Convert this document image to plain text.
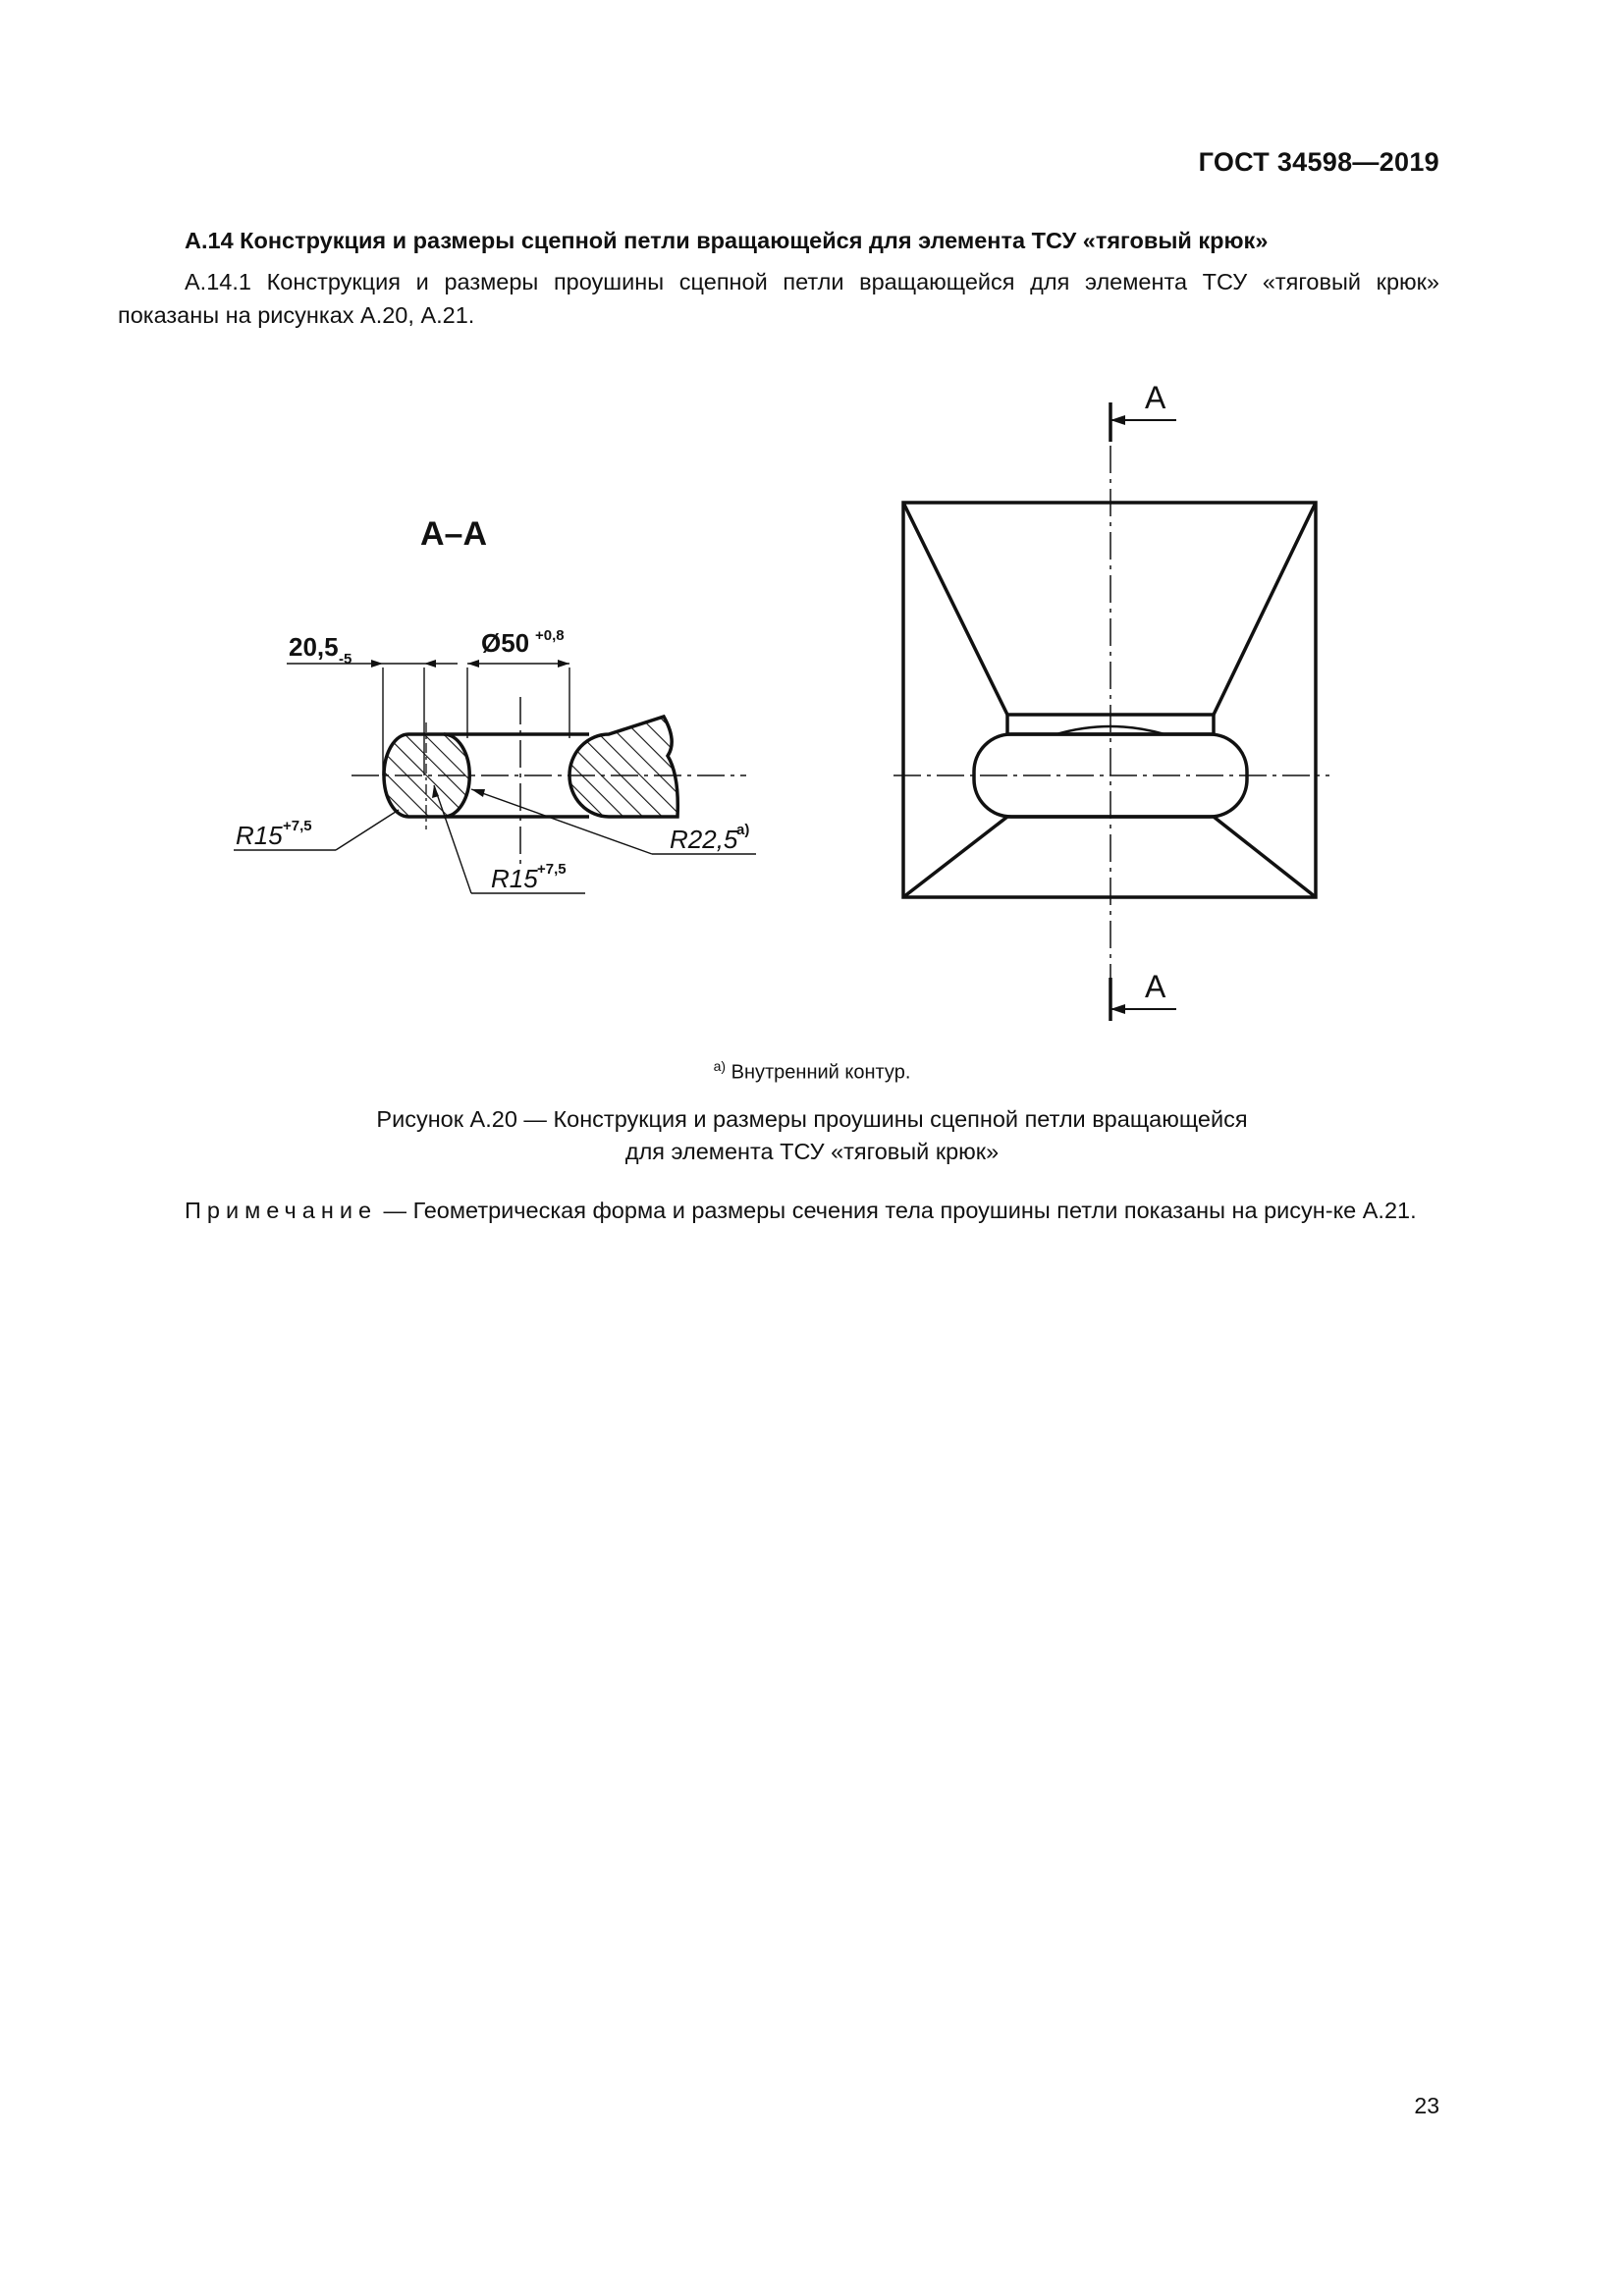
ГОСТ 34598—2019
А.14 Конструкция и размеры сцепной петли вращающейся для элемента ТСУ «тяговый крюк»
А.14.1 Конструкция и размеры проушины сцепной петли вращающейся для элемента ТСУ «тяговый крюк» показаны на рисунках А.20, А.21.
А–А
20,5 -5
Ø50 +0,8
R15 +7,5
R15 +7,5
R22,5
а)
А
А
$^{а)}$ Внутренний контур.
Рисунок А.20 — Конструкция и размеры проушины сцепной петли вращающейся
для элемента ТСУ «тяговый крюк»
Примечание — Геометрическая форма и размеры сечения тела проушины петли показаны на рисун-ке А.21.
23
